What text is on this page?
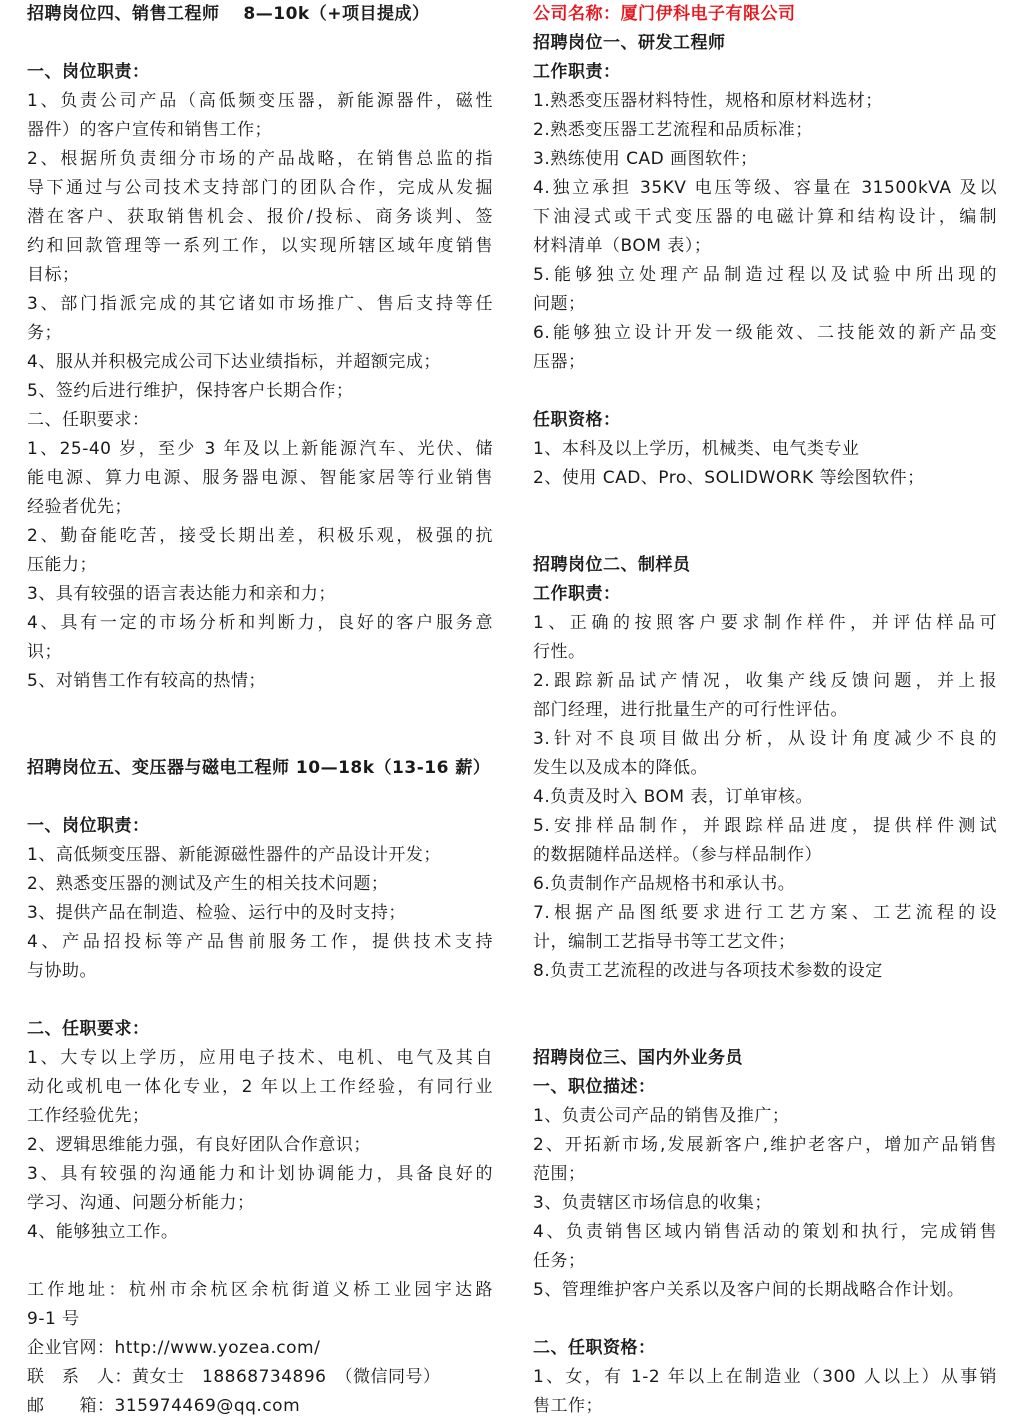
招聘岗位四、销售工程师　 8—10k（+项目提成）
一、岗位职责：
1、负责公司产品（高低频变压器，新能源器件，磁性
器件）的客户宣传和销售工作；
2、根据所负责细分市场的产品战略，在销售总监的指
导下通过与公司技术支持部门的团队合作，完成从发掘
潜在客户、获取销售机会、报价/投标、商务谈判、签
约和回款管理等一系列工作，以实现所辖区域年度销售
目标；
3、部门指派完成的其它诸如市场推广、售后支持等任
务；
4、服从并积极完成公司下达业绩指标，并超额完成；
5、签约后进行维护，保持客户长期合作；
二、任职要求：
1、25-40 岁，至少 3 年及以上新能源汽车、光伏、储
能电源、算力电源、服务器电源、智能家居等行业销售
经验者优先；
2、勤奋能吃苦，接受长期出差，积极乐观，极强的抗
压能力；
3、具有较强的语言表达能力和亲和力；
4、具有一定的市场分析和判断力，良好的客户服务意
识；
5、对销售工作有较高的热情；
招聘岗位五、变压器与磁电工程师 10—18k（13-16 薪）
一、岗位职责：
1、高低频变压器、新能源磁性器件的产品设计开发；
2、熟悉变压器的测试及产生的相关技术问题；
3、提供产品在制造、检验、运行中的及时支持；
4、产品招投标等产品售前服务工作，提供技术支持
与协助。
二、任职要求：
1、大专以上学历，应用电子技术、电机、电气及其自
动化或机电一体化专业，2 年以上工作经验，有同行业
工作经验优先；
2、逻辑思维能力强，有良好团队合作意识；
3、具有较强的沟通能力和计划协调能力，具备良好的
学习、沟通、问题分析能力；
4、能够独立工作。
工作地址：杭州市余杭区余杭街道义桥工业园宇达路
9-1 号
企业官网：http://www.yozea.com/
联　系　人：黄女士　18868734896　（微信同号）
邮　　箱：315974469@qq.com
公司名称：厦门伊科电子有限公司
招聘岗位一、研发工程师
工作职责：
1.熟悉变压器材料特性，规格和原材料选材；
2.熟悉变压器工艺流程和品质标准；
3.熟练使用 CAD 画图软件；
4.独立承担 35KV 电压等级、容量在 31500kVA 及以
下油浸式或干式变压器的电磁计算和结构设计，编制
材料清单（BOM 表）；
5.能够独立处理产品制造过程以及试验中所出现的
问题；
6.能够独立设计开发一级能效、二技能效的新产品变
压器；
任职资格：
1、本科及以上学历，机械类、电气类专业
2、使用 CAD、Pro、SOLIDWORK 等绘图软件；
招聘岗位二、制样员
工作职责：
1、正确的按照客户要求制作样件，并评估样品可
行性。
2.跟踪新品试产情况，收集产线反馈问题，并上报
部门经理，进行批量生产的可行性评估。
3.针对不良项目做出分析，从设计角度减少不良的
发生以及成本的降低。
4.负责及时入 BOM 表，订单审核。
5.安排样品制作，并跟踪样品进度，提供样件测试
的数据随样品送样。（参与样品制作）
6.负责制作产品规格书和承认书。
7.根据产品图纸要求进行工艺方案、工艺流程的设
计，编制工艺指导书等工艺文件；
8.负责工艺流程的改进与各项技术参数的设定
招聘岗位三、国内外业务员
一、职位描述：
1、负责公司产品的销售及推广；
2、开拓新市场,发展新客户,维护老客户，增加产品销售
范围；
3、负责辖区市场信息的收集；
4、负责销售区域内销售活动的策划和执行，完成销售
任务；
5、管理维护客户关系以及客户间的长期战略合作计划。
二、任职资格：
1、女，有 1-2 年以上在制造业（300 人以上）从事销
售工作；
